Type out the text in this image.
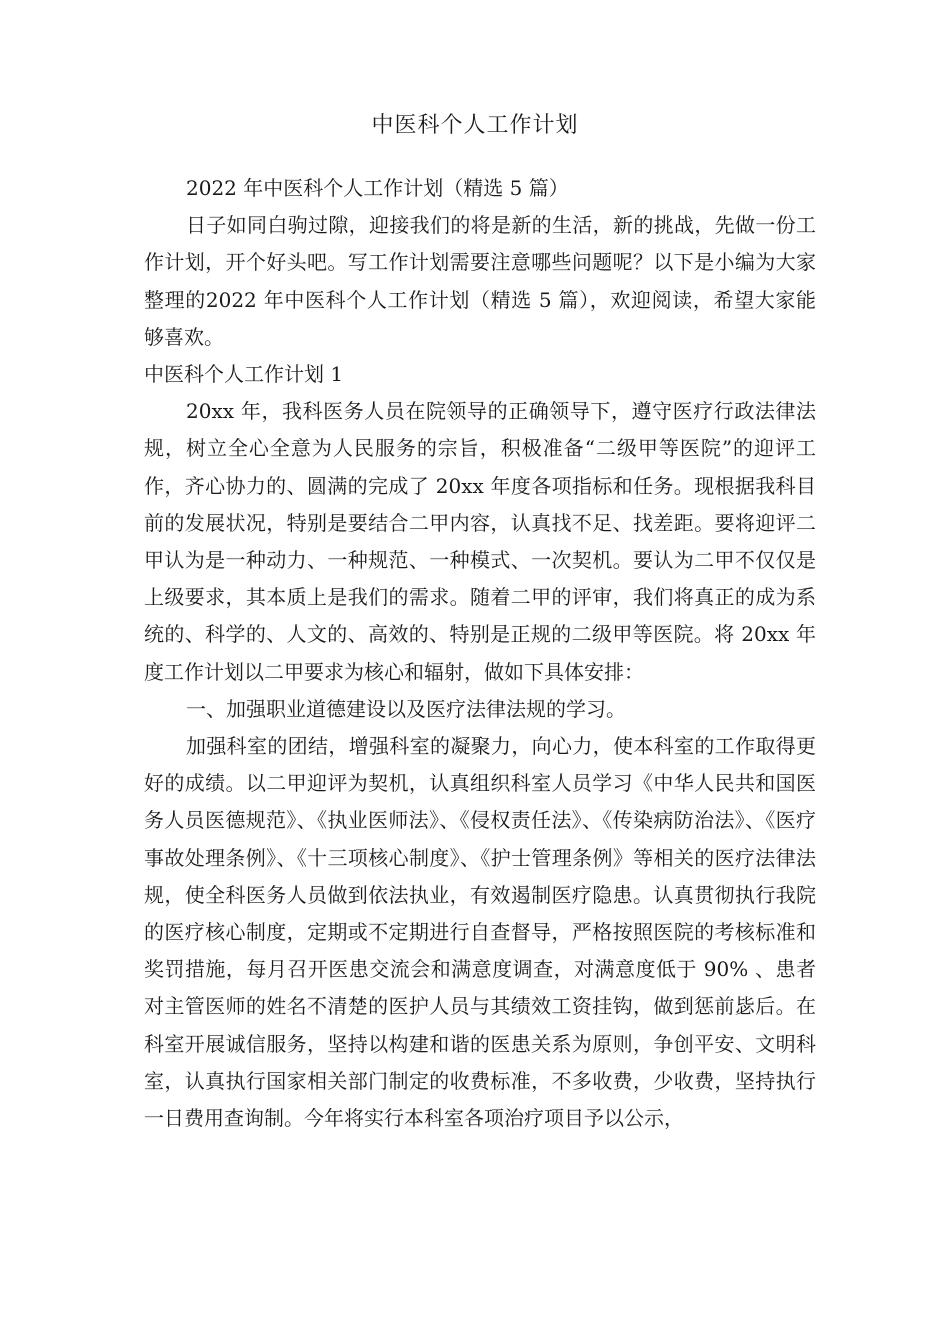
中医科个人工作计划

2022 年中医科个人工作计划（精选 5 篇）

日子如同白驹过隙，迎接我们的将是新的生活，新的挑战，先做一份工作计划，开个好头吧。写工作计划需要注意哪些问题呢？以下是小编为大家整理的2022 年中医科个人工作计划（精选 5 篇），欢迎阅读，希望大家能够喜欢。

中医科个人工作计划 1

20xx 年，我科医务人员在院领导的正确领导下，遵守医疗行政法律法规，树立全心全意为人民服务的宗旨，积极准备“二级甲等医院”的迎评工作，齐心协力的、圆满的完成了 20xx 年度各项指标和任务。现根据我科目前的发展状况，特别是要结合二甲内容，认真找不足、找差距。要将迎评二甲认为是一种动力、一种规范、一种模式、一次契机。要认为二甲不仅仅是上级要求，其本质上是我们的需求。随着二甲的评审，我们将真正的成为系统的、科学的、人文的、高效的、特别是正规的二级甲等医院。将 20xx 年度工作计划以二甲要求为核心和辐射，做如下具体安排：

一、加强职业道德建设以及医疗法律法规的学习。

加强科室的团结，增强科室的凝聚力，向心力，使本科室的工作取得更好的成绩。以二甲迎评为契机，认真组织科室人员学习《中华人民共和国医务人员医德规范》、《执业医师法》、《侵权责任法》、《传染病防治法》、《医疗事故处理条例》、《十三项核心制度》、《护士管理条例》等相关的医疗法律法规，使全科医务人员做到依法执业，有效遏制医疗隐患。认真贯彻执行我院的医疗核心制度，定期或不定期进行自查督导，严格按照医院的考核标准和奖罚措施，每月召开医患交流会和满意度调查，对满意度低于 90% 、患者对主管医师的姓名不清楚的医护人员与其绩效工资挂钩，做到惩前毖后。在科室开展诚信服务，坚持以构建和谐的医患关系为原则，争创平安、文明科室，认真执行国家相关部门制定的收费标准，不多收费，少收费，坚持执行一日费用查询制。今年将实行本科室各项治疗项目予以公示，
